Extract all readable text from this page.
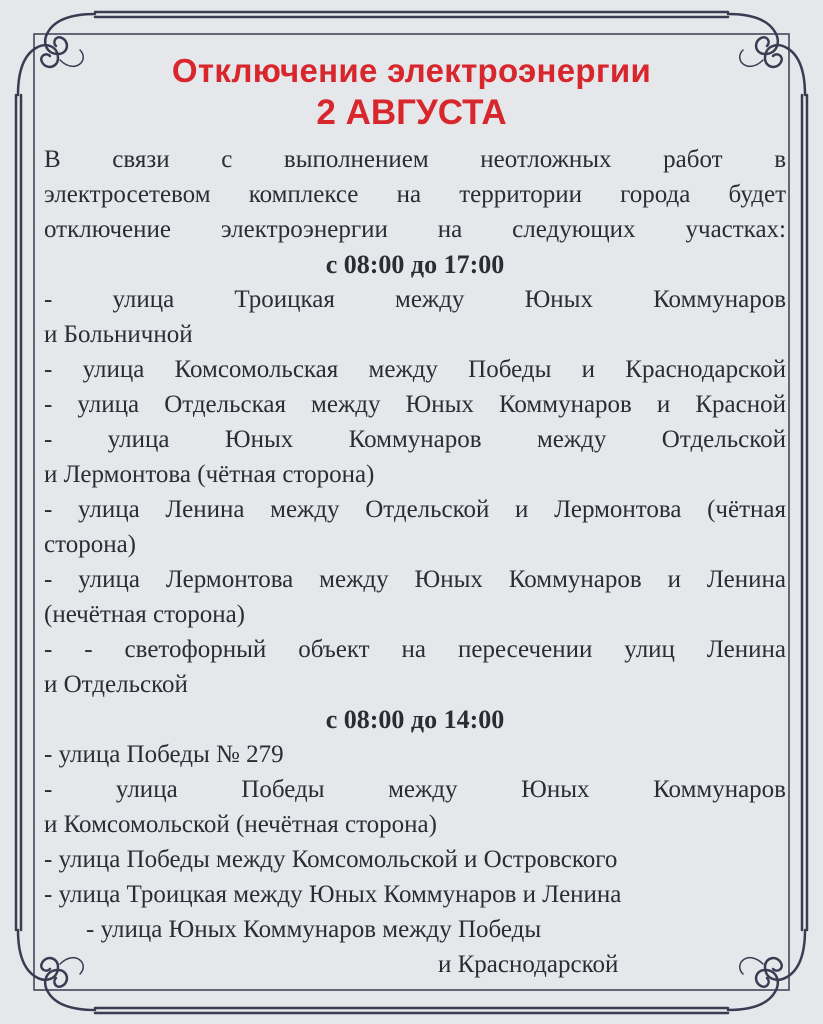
Отключение электроэнергии
2 АВГУСТА

В связи с выполнением неотложных работ в

электросетевом комплексе на территории города будет

отключение электроэнергии на следующих участках:

с 08:00 до 17:00

- улица Троицкая между Юных Коммунаров

и Больничной

- улица Комсомольская между Победы и Краснодарской

- улица Отдельская между Юных Коммунаров и Красной

- улица Юных Коммунаров между Отдельской

и Лермонтова (чётная сторона)

- улица Ленина между Отдельской и Лермонтова (чётная

сторона)

- улица Лермонтова между Юных Коммунаров и Ленина

(нечётная сторона)

- - светофорный объект на пересечении улиц Ленина

и Отдельской

с 08:00 до 14:00

- улица Победы № 279

- улица Победы между Юных Коммунаров

и Комсомольской (нечётная сторона)

- улица Победы между Комсомольской и Островского

- улица Троицкая между Юных Коммунаров и Ленина

- улица Юных Коммунаров между Победы

и Краснодарской
